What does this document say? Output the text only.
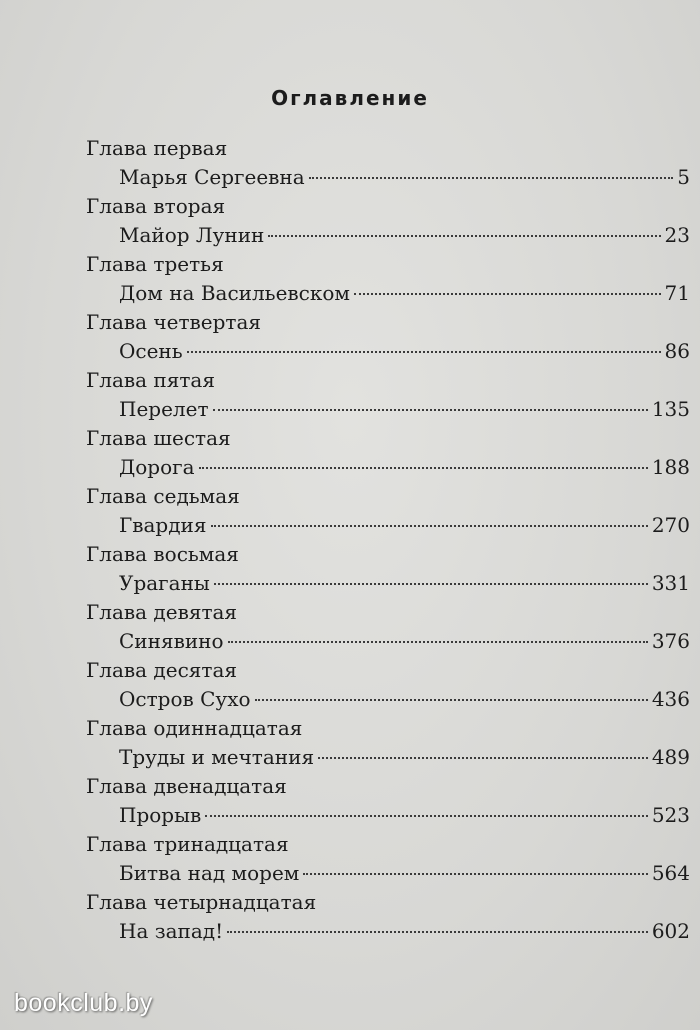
Оглавление
Глава первая
Марья Сергеевна	5
Глава вторая
Майор Лунин	23
Глава третья
Дом на Васильевском	71
Глава четвертая
Осень	86
Глава пятая
Перелет	135
Глава шестая
Дорога	188
Глава седьмая
Гвардия	270
Глава восьмая
Ураганы	331
Глава девятая
Синявино	376
Глава десятая
Остров Сухо	436
Глава одиннадцатая
Труды и мечтания	489
Глава двенадцатая
Прорыв	523
Глава тринадцатая
Битва над морем	564
Глава четырнадцатая
На запад!	602
bookclub.by
